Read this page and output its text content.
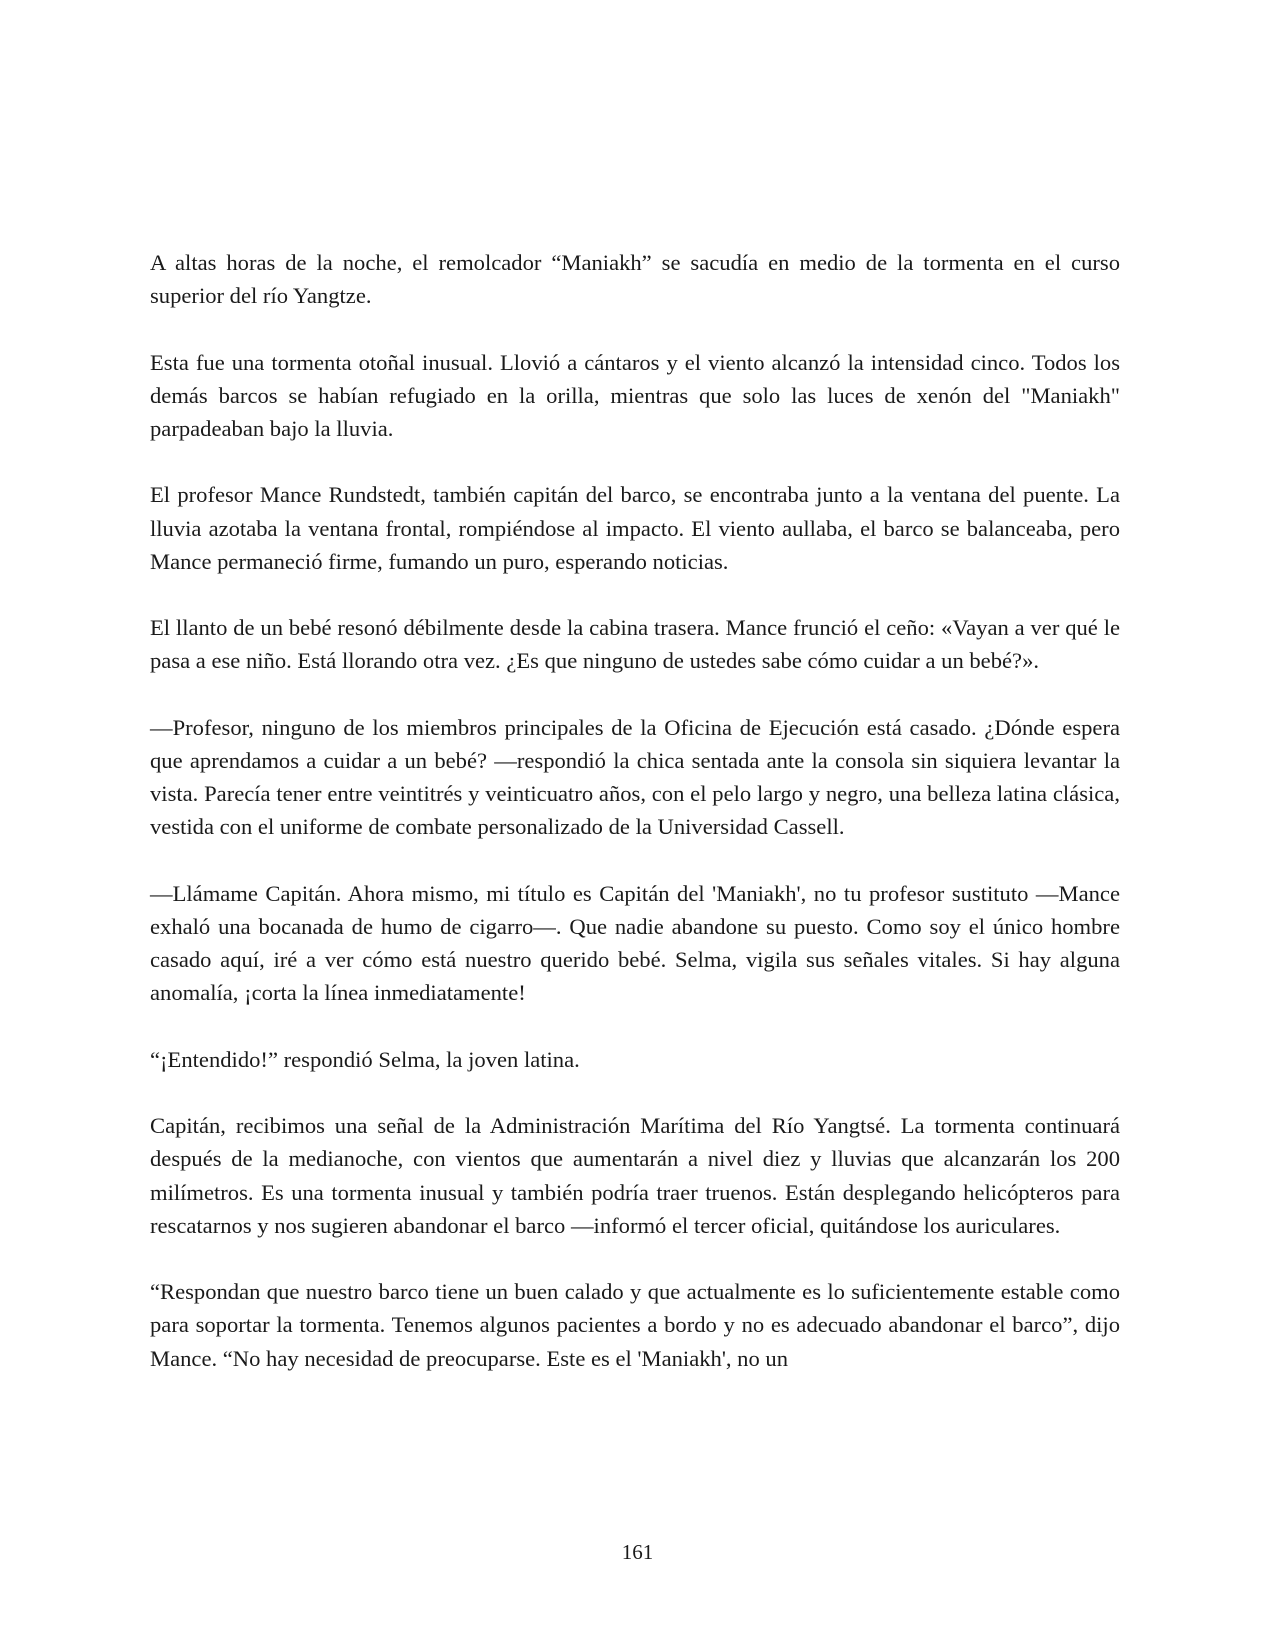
A altas horas de la noche, el remolcador “Maniakh” se sacudía en medio de la tormenta en el curso superior del río Yangtze.

Esta fue una tormenta otoñal inusual. Llovió a cántaros y el viento alcanzó la intensidad cinco. Todos los demás barcos se habían refugiado en la orilla, mientras que solo las luces de xenón del "Maniakh" parpadeaban bajo la lluvia.

El profesor Mance Rundstedt, también capitán del barco, se encontraba junto a la ventana del puente. La lluvia azotaba la ventana frontal, rompiéndose al impacto. El viento aullaba, el barco se balanceaba, pero Mance permaneció firme, fumando un puro, esperando noticias.

El llanto de un bebé resonó débilmente desde la cabina trasera. Mance frunció el ceño: «Vayan a ver qué le pasa a ese niño. Está llorando otra vez. ¿Es que ninguno de ustedes sabe cómo cuidar a un bebé?».

—Profesor, ninguno de los miembros principales de la Oficina de Ejecución está casado. ¿Dónde espera que aprendamos a cuidar a un bebé? —respondió la chica sentada ante la consola sin siquiera levantar la vista. Parecía tener entre veintitrés y veinticuatro años, con el pelo largo y negro, una belleza latina clásica, vestida con el uniforme de combate personalizado de la Universidad Cassell.

—Llámame Capitán. Ahora mismo, mi título es Capitán del 'Maniakh', no tu profesor sustituto —Mance exhaló una bocanada de humo de cigarro—. Que nadie abandone su puesto. Como soy el único hombre casado aquí, iré a ver cómo está nuestro querido bebé. Selma, vigila sus señales vitales. Si hay alguna anomalía, ¡corta la línea inmediatamente!

“¡Entendido!” respondió Selma, la joven latina.

Capitán, recibimos una señal de la Administración Marítima del Río Yangtsé. La tormenta continuará después de la medianoche, con vientos que aumentarán a nivel diez y lluvias que alcanzarán los 200 milímetros. Es una tormenta inusual y también podría traer truenos. Están desplegando helicópteros para rescatarnos y nos sugieren abandonar el barco —informó el tercer oficial, quitándose los auriculares.

“Respondan que nuestro barco tiene un buen calado y que actualmente es lo suficientemente estable como para soportar la tormenta. Tenemos algunos pacientes a bordo y no es adecuado abandonar el barco”, dijo Mance. “No hay necesidad de preocuparse. Este es el 'Maniakh', no un

161
